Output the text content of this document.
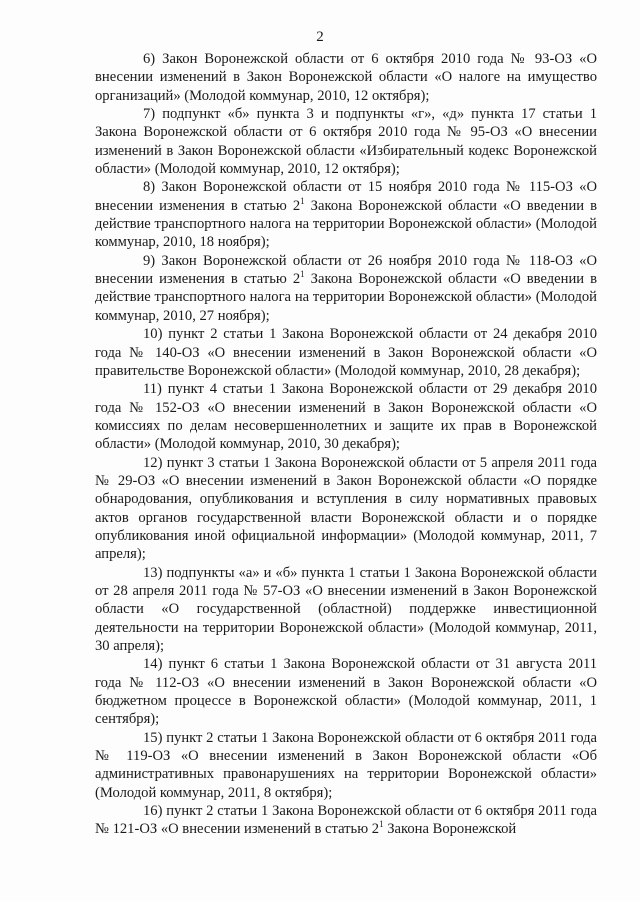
2

6) Закон Воронежской области от 6 октября 2010 года № 93-ОЗ «О внесении изменений в Закон Воронежской области «О налоге на имущество организаций» (Молодой коммунар, 2010, 12 октября);

7) подпункт «б» пункта 3 и подпункты «г», «д» пункта 17 статьи 1 Закона Воронежской области от 6 октября 2010 года № 95-ОЗ «О внесении изменений в Закон Воронежской области «Избирательный кодекс Воронежской области» (Молодой коммунар, 2010, 12 октября);

8) Закон Воронежской области от 15 ноября 2010 года № 115-ОЗ «О внесении изменения в статью $2^1$ Закона Воронежской области «О введении в действие транспортного налога на территории Воронежской области» (Молодой коммунар, 2010, 18 ноября);

9) Закон Воронежской области от 26 ноября 2010 года № 118-ОЗ «О внесении изменения в статью $2^1$ Закона Воронежской области «О введении в действие транспортного налога на территории Воронежской области» (Молодой коммунар, 2010, 27 ноября);

10) пункт 2 статьи 1 Закона Воронежской области от 24 декабря 2010 года № 140-ОЗ «О внесении изменений в Закон Воронежской области «О правительстве Воронежской области» (Молодой коммунар, 2010, 28 декабря);

11) пункт 4 статьи 1 Закона Воронежской области от 29 декабря 2010 года № 152-ОЗ «О внесении изменений в Закон Воронежской области «О комиссиях по делам несовершеннолетних и защите их прав в Воронежской области» (Молодой коммунар, 2010, 30 декабря);

12) пункт 3 статьи 1 Закона Воронежской области от 5 апреля 2011 года № 29-ОЗ «О внесении изменений в Закон Воронежской области «О порядке обнародования, опубликования и вступления в силу нормативных правовых актов органов государственной власти Воронежской области и о порядке опубликования иной официальной информации» (Молодой коммунар, 2011, 7 апреля);

13) подпункты «а» и «б» пункта 1 статьи 1 Закона Воронежской области от 28 апреля 2011 года № 57-ОЗ «О внесении изменений в Закон Воронежской области «О государственной (областной) поддержке инвестиционной деятельности на территории Воронежской области» (Молодой коммунар, 2011, 30 апреля);

14) пункт 6 статьи 1 Закона Воронежской области от 31 августа 2011 года № 112-ОЗ «О внесении изменений в Закон Воронежской области «О бюджетном процессе в Воронежской области» (Молодой коммунар, 2011, 1 сентября);

15) пункт 2 статьи 1 Закона Воронежской области от 6 октября 2011 года № 119-ОЗ «О внесении изменений в Закон Воронежской области «Об административных правонарушениях на территории Воронежской области» (Молодой коммунар, 2011, 8 октября);

16) пункт 2 статьи 1 Закона Воронежской области от 6 октября 2011 года № 121-ОЗ «О внесении изменений в статью $2^1$ Закона Воронежской
